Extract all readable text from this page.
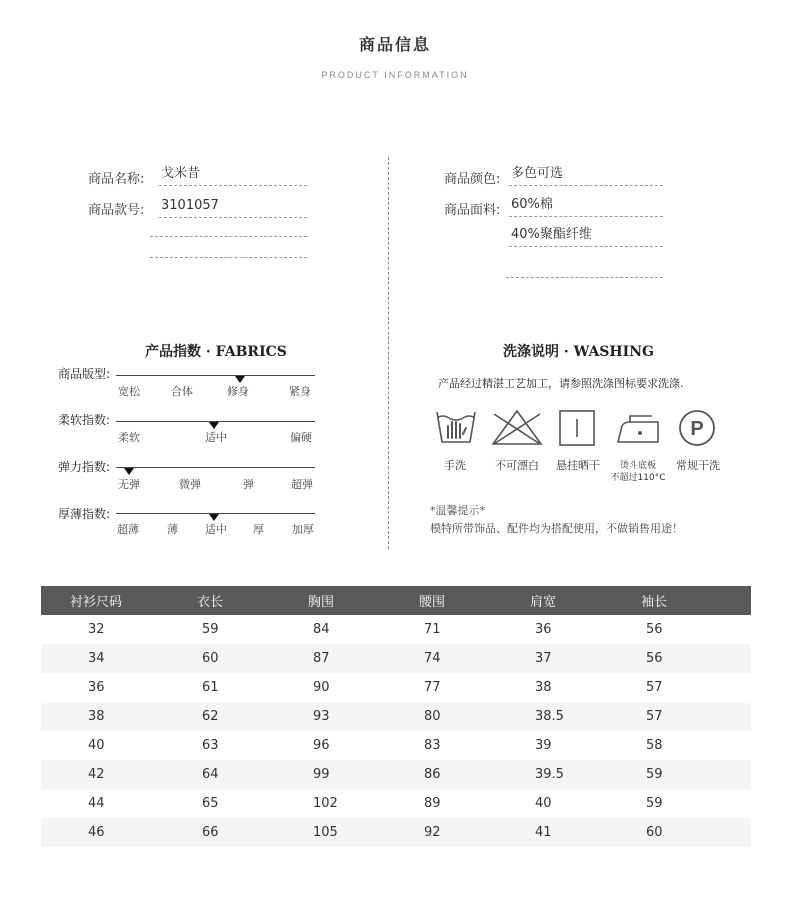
商品信息
PRODUCT INFORMATION
商品名称: 戈米昔
商品款号: 3101057
商品颜色: 多色可选
商品面料: 60%棉
40%聚酯纤维
产品指数 · FABRICS
商品版型:
宽松	合体	修身	紧身
柔软指数:
柔软	适中	偏硬
弹力指数:
无弹	微弹	弹	超弹
厚薄指数:
超薄	薄 适中 厚	加厚
洗涤说明 · WASHING
产品经过精湛工艺加工，请参照洗涤图标要求洗涤.
P
手洗	不可漂白	悬挂晒干	烫斗底板
不超过110°C
常规干洗
*温馨提示*
模特所带饰品、配件均为搭配使用，不做销售用途！
衬衫尺码	衣长	胸围	腰围	肩宽	袖长
32	59	84	71	36	56
34	60	87	74	37	56
36	61	90	77	38	57
38	62	93	80	38.5	57
40	63	96	83	39	58
42	64	99	86	39.5	59
44	65	102	89	40	59
46	66	105	92	41	60
